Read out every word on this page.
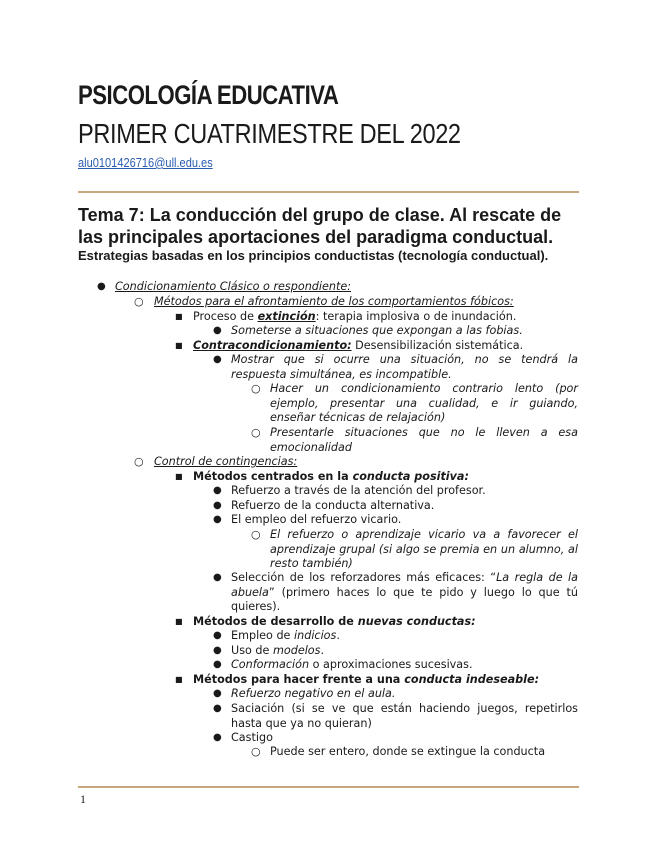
PSICOLOGÍA EDUCATIVA
PRIMER CUATRIMESTRE DEL 2022
alu0101426716@ull.edu.es
Tema 7: La conducción del grupo de clase. Al rescate de las principales aportaciones del paradigma conductual.

Estrategias basadas en los principios conductistas (tecnología conductual).

● Condicionamiento Clásico o respondiente:
○ Métodos para el afrontamiento de los comportamientos fóbicos:
■ Proceso de extinción: terapia implosiva o de inundación.
● Someterse a situaciones que expongan a las fobias.
■ Contracondicionamiento: Desensibilización sistemática.
● Mostrar que si ocurre una situación, no se tendrá la respuesta simultánea, es incompatible.
○ Hacer un condicionamiento contrario lento (por ejemplo, presentar una cualidad, e ir guiando, enseñar técnicas de relajación)
○ Presentarle situaciones que no le lleven a esa emocionalidad
○ Control de contingencias:
■ Métodos centrados en la conducta positiva:
● Refuerzo a través de la atención del profesor.
● Refuerzo de la conducta alternativa.
● El empleo del refuerzo vicario.
○ El refuerzo o aprendizaje vicario va a favorecer el aprendizaje grupal (si algo se premia en un alumno, al resto también)
● Selección de los reforzadores más eficaces: “La regla de la abuela” (primero haces lo que te pido y luego lo que tú quieres).
■ Métodos de desarrollo de nuevas conductas:
● Empleo de indicios.
● Uso de modelos.
● Conformación o aproximaciones sucesivas.
■ Métodos para hacer frente a una conducta indeseable:
● Refuerzo negativo en el aula.
● Saciación (si se ve que están haciendo juegos, repetirlos hasta que ya no quieran)
● Castigo
○ Puede ser entero, donde se extingue la conducta
1
